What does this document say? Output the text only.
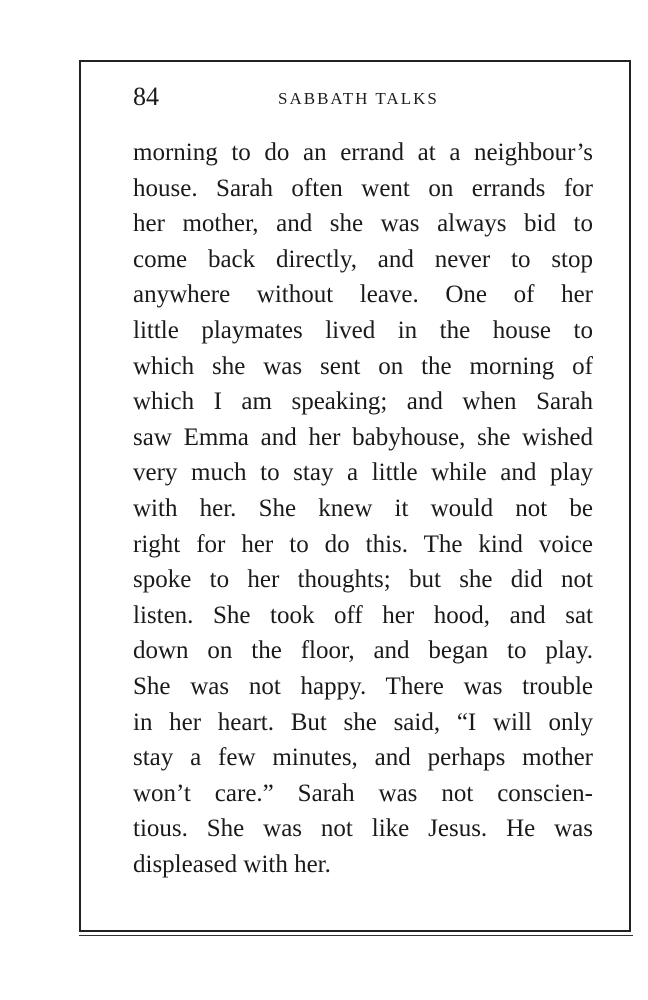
84	SABBATH TALKS
morning to do an errand at a neighbour’s
house. Sarah often went on errands for
her mother, and she was always bid to
come back directly, and never to stop
anywhere without leave. One of her
little playmates lived in the house to
which she was sent on the morning of
which I am speaking; and when Sarah
saw Emma and her babyhouse, she wished
very much to stay a little while and play
with her. She knew it would not be
right for her to do this. The kind voice
spoke to her thoughts; but she did not
listen. She took off her hood, and sat
down on the floor, and began to play.
She was not happy. There was trouble
in her heart. But she said, “I will only
stay a few minutes, and perhaps mother
won’t care.” Sarah was not conscien-
tious. She was not like Jesus. He was
displeased with her.
